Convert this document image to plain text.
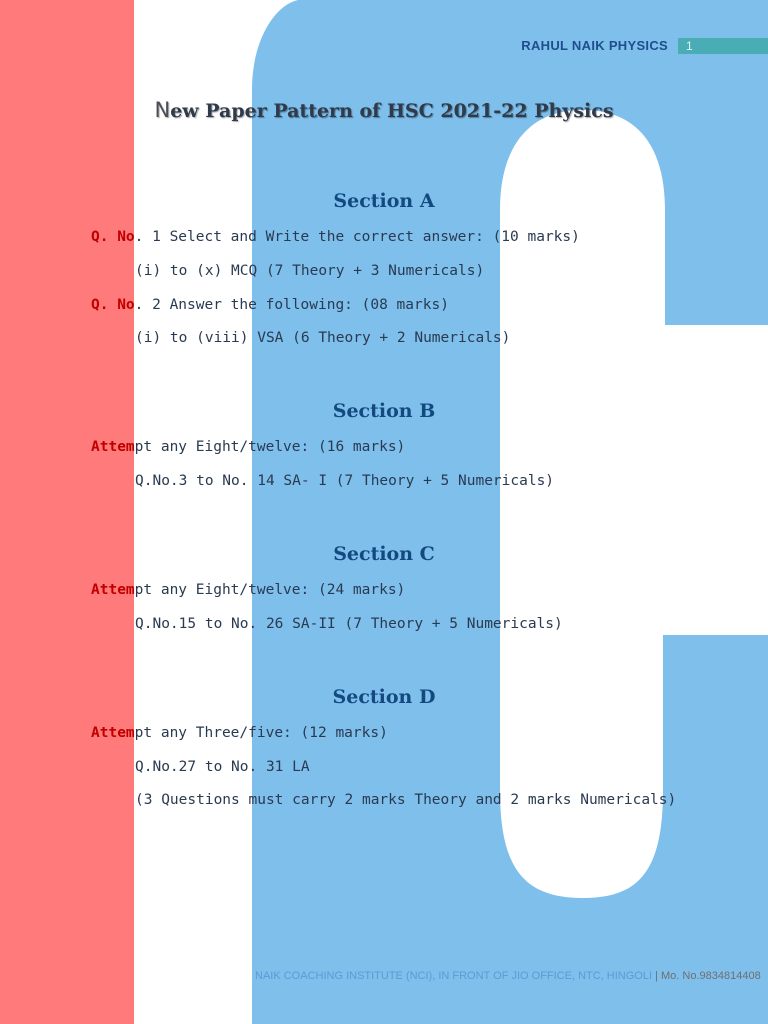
RAHUL NAIK PHYSICS	1
New Paper Pattern of HSC 2021-22 Physics
Section A
Q. No. 1 Select and Write the correct answer: (10 marks)
(i) to (x) MCQ (7 Theory + 3 Numericals)
Q. No. 2 Answer the following: (08 marks)
(i) to (viii) VSA (6 Theory + 2 Numericals)
Section B
Attempt any Eight/twelve: (16 marks)
Q.No.3 to No. 14 SA- I (7 Theory + 5 Numericals)
Section C
Attempt any Eight/twelve: (24 marks)
Q.No.15 to No. 26 SA-II (7 Theory + 5 Numericals)
Section D
Attempt any Three/five: (12 marks)
Q.No.27 to No. 31 LA
(3 Questions must carry 2 marks Theory and 2 marks Numericals)
NAIK COACHING INSTITUTE (NCI), IN FRONT OF JIO OFFICE, NTC, HINGOLI | Mo. No.9834814408
